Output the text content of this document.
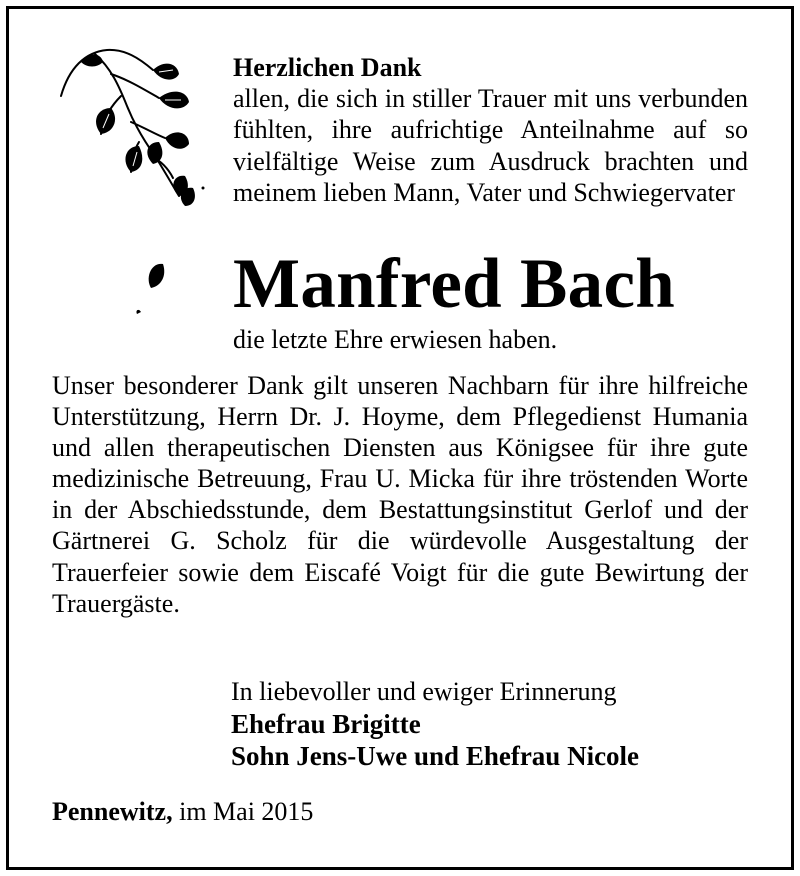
Herzlichen Dank
allen, die sich in stiller Trauer mit uns verbunden fühlten, ihre aufrichtige Anteilnahme auf so vielfältige Weise zum Ausdruck brachten und meinem lieben Mann, Vater und Schwiegervater
Manfred Bach
die letzte Ehre erwiesen haben.
Unser besonderer Dank gilt unseren Nachbarn für ihre hilfreiche Unterstützung, Herrn Dr. J. Hoyme, dem Pflegedienst Humania und allen therapeutischen Diensten aus Königsee für ihre gute medizinische Betreuung, Frau U. Micka für ihre tröstenden Worte in der Abschiedsstunde, dem Bestattungsinstitut Gerlof und der Gärtnerei G. Scholz für die würdevolle Ausgestaltung der Trauerfeier sowie dem Eiscafé Voigt für die gute Bewirtung der Trauergäste.
In liebevoller und ewiger Erinnerung
Ehefrau Brigitte
Sohn Jens-Uwe und Ehefrau Nicole
Pennewitz, im Mai 2015
